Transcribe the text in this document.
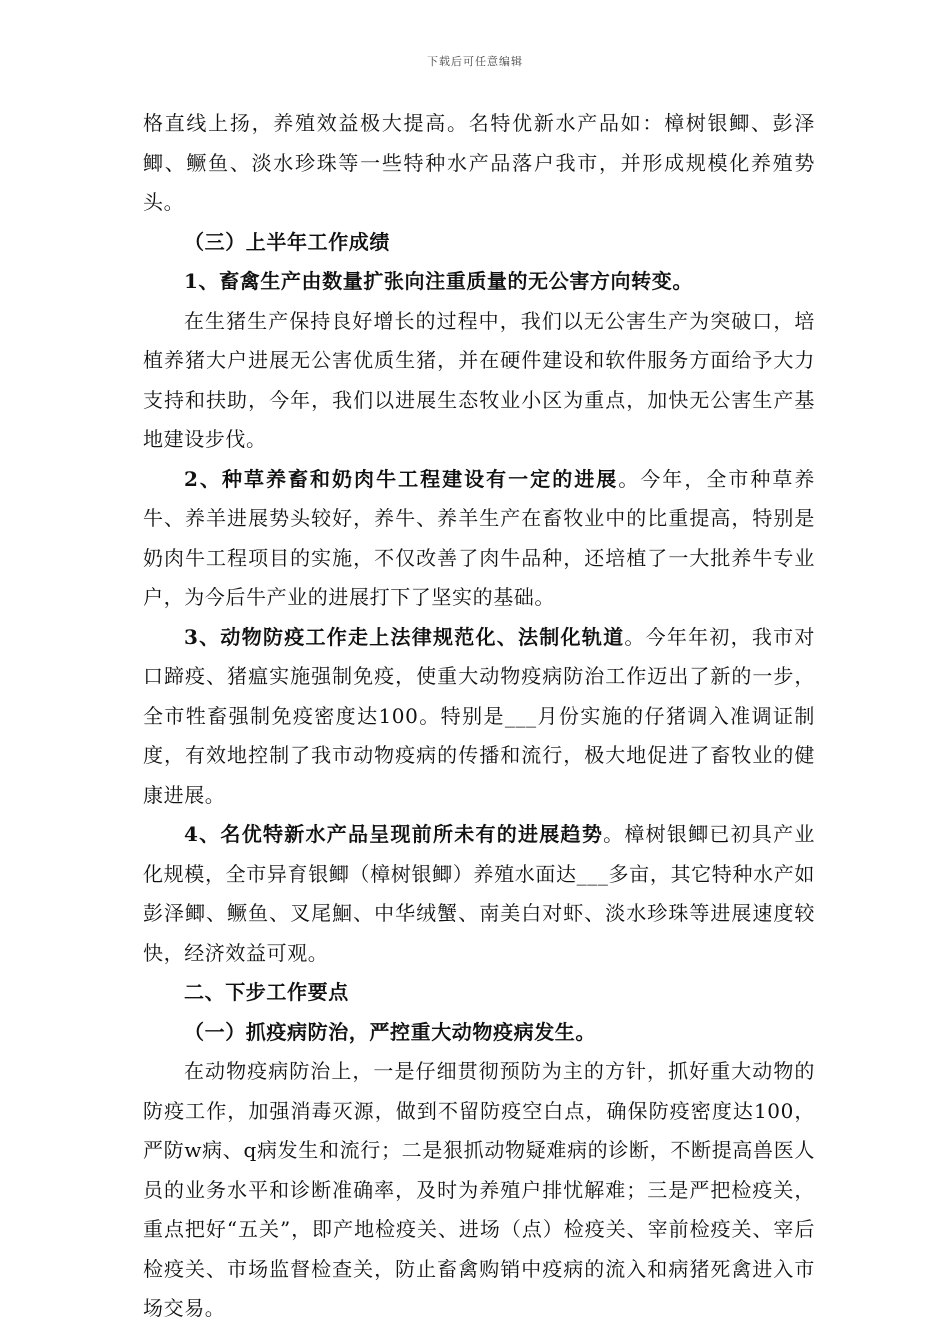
下载后可任意编辑

格直线上扬，养殖效益极大提高。名特优新水产品如：樟树银鲫、彭泽鲫、鳜鱼、淡水珍珠等一些特种水产品落户我市，并形成规模化养殖势头。

（三）上半年工作成绩

1、畜禽生产由数量扩张向注重质量的无公害方向转变。

在生猪生产保持良好增长的过程中，我们以无公害生产为突破口，培植养猪大户进展无公害优质生猪，并在硬件建设和软件服务方面给予大力支持和扶助，今年，我们以进展生态牧业小区为重点，加快无公害生产基地建设步伐。

2、种草养畜和奶肉牛工程建设有一定的进展。今年，全市种草养牛、养羊进展势头较好，养牛、养羊生产在畜牧业中的比重提高，特别是奶肉牛工程项目的实施，不仅改善了肉牛品种，还培植了一大批养牛专业户，为今后牛产业的进展打下了坚实的基础。

3、动物防疫工作走上法律规范化、法制化轨道。今年年初，我市对口蹄疫、猪瘟实施强制免疫，使重大动物疫病防治工作迈出了新的一步，全市牲畜强制免疫密度达100。特别是___月份实施的仔猪调入准调证制度，有效地控制了我市动物疫病的传播和流行，极大地促进了畜牧业的健康进展。

4、名优特新水产品呈现前所未有的进展趋势。樟树银鲫已初具产业化规模，全市异育银鲫（樟树银鲫）养殖水面达___多亩，其它特种水产如彭泽鲫、鳜鱼、叉尾鮰、中华绒蟹、南美白对虾、淡水珍珠等进展速度较快，经济效益可观。

二、下步工作要点

（一）抓疫病防治，严控重大动物疫病发生。

在动物疫病防治上，一是仔细贯彻预防为主的方针，抓好重大动物的防疫工作，加强消毒灭源，做到不留防疫空白点，确保防疫密度达100，严防w病、q病发生和流行；二是狠抓动物疑难病的诊断，不断提高兽医人员的业务水平和诊断准确率，及时为养殖户排忧解难；三是严把检疫关，重点把好“五关”，即产地检疫关、进场（点）检疫关、宰前检疫关、宰后检疫关、市场监督检查关，防止畜禽购销中疫病的流入和病猪死禽进入市场交易。
